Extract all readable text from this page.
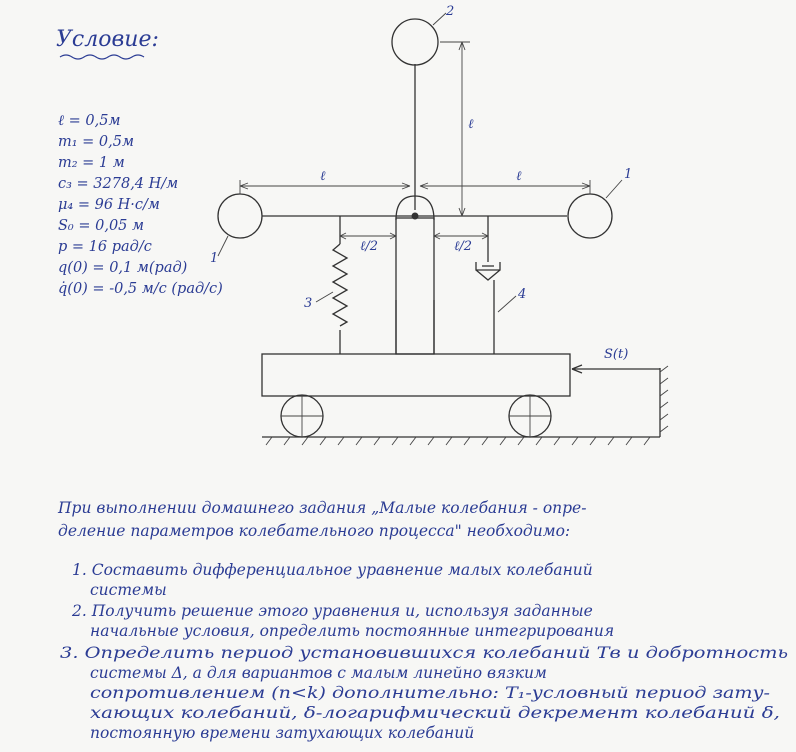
Условие:
ℓ = 0,5м
m₁ = 0,5м
m₂ = 1 м
c₃ = 3278,4 Н/м
μ₄ = 96 Н·с/м
S₀ = 0,05 м
p = 16 рад/с
q(0) = 0,1 м(рад)
q̇(0) = -0,5 м/с (рад/с)
S(t)
2
1
1
ℓ	ℓ
ℓ
3
4
ℓ/2	ℓ/2
При выполнении домашнего задания „Малые колебания - опре-
деление параметров колебательного процесса" необходимо:
1. Составить дифференциальное уравнение малых колебаний
системы
2. Получить решение этого уравнения и, используя заданные
начальные условия, определить постоянные интегрирования
3. Определить период установившихся колебаний Тв и добротность
системы Δ, а для вариантов с малым линейно вязким
сопротивлением (n<k) дополнительно: Т₁-условный период зату-
хающих колебаний, δ-логарифмический декремент колебаний δ,
постоянную времени затухающих колебаний
